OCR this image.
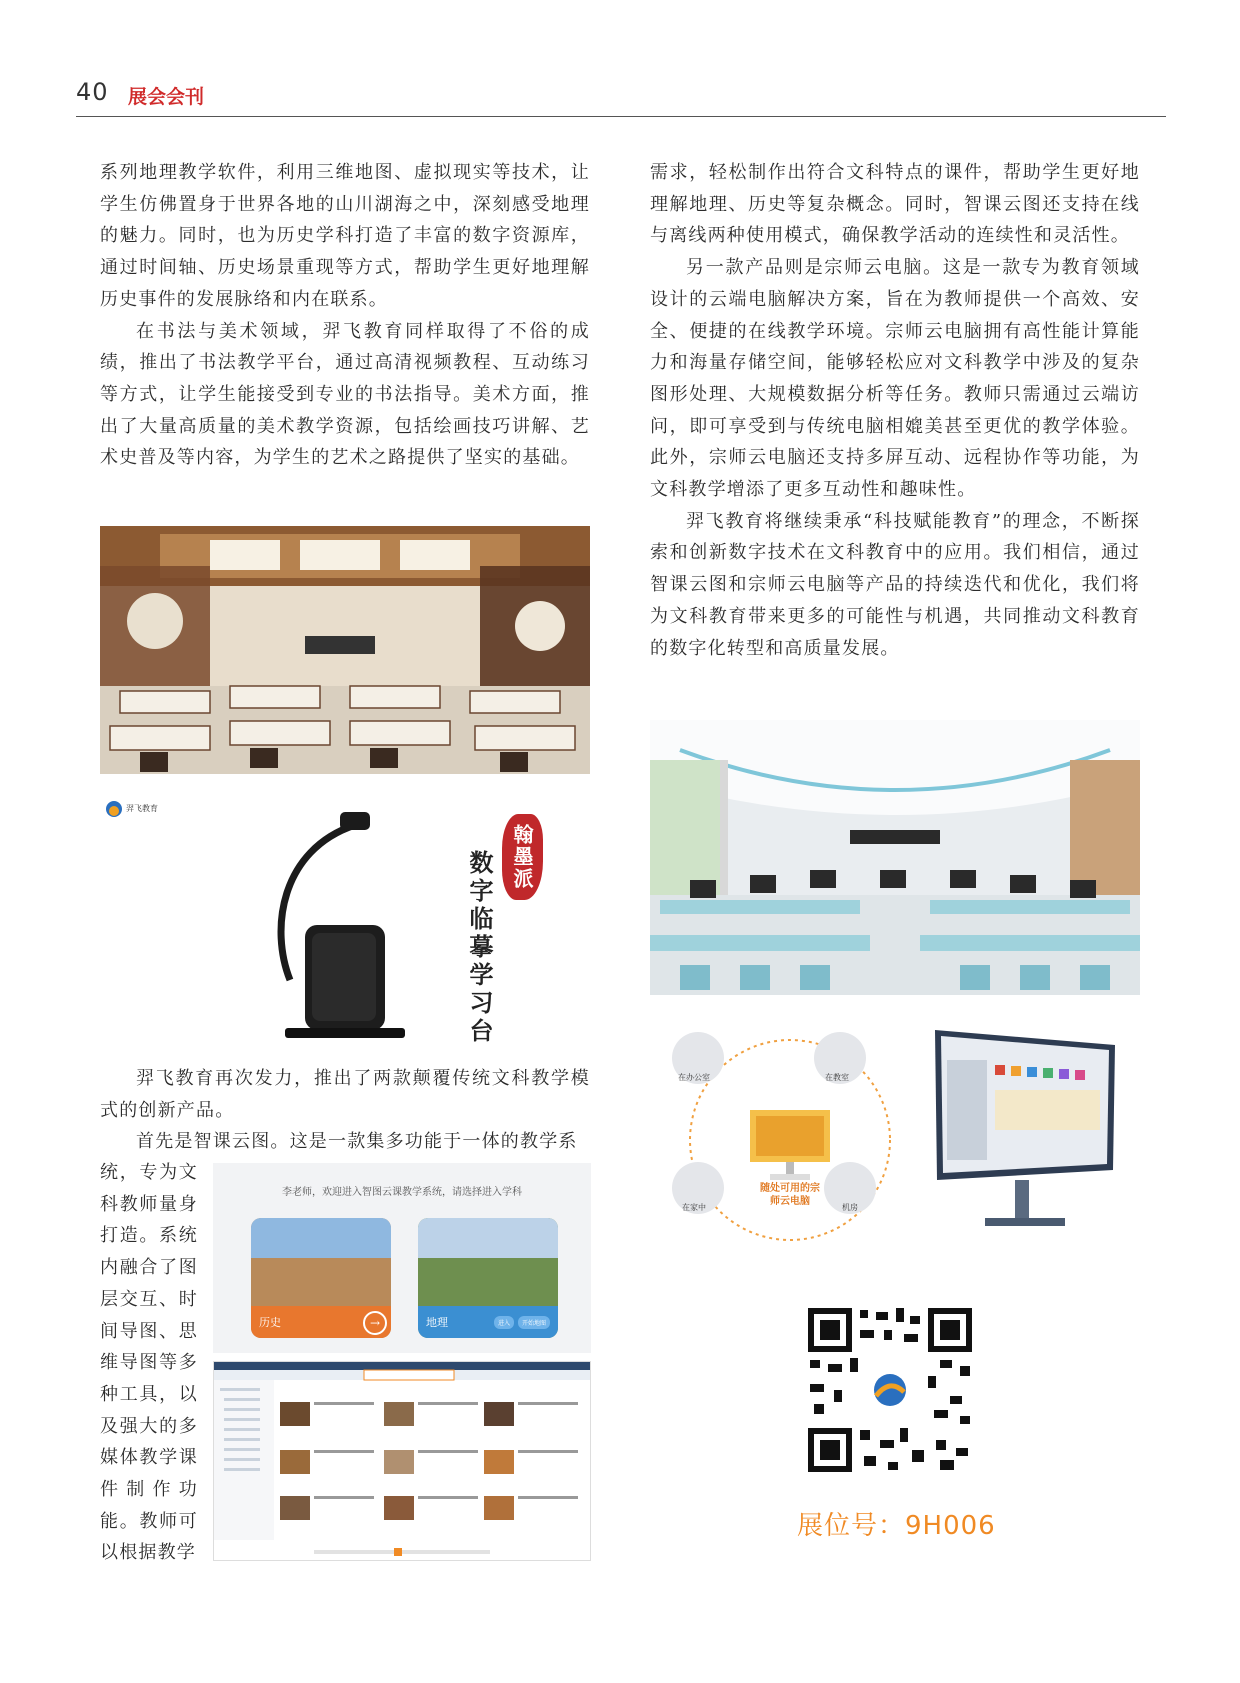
40 展会会刊

系列地理教学软件，利用三维地图、虚拟现实等技术，让学生仿佛置身于世界各地的山川湖海之中，深刻感受地理的魅力。同时，也为历史学科打造了丰富的数字资源库，通过时间轴、历史场景重现等方式，帮助学生更好地理解历史事件的发展脉络和内在联系。

在书法与美术领域，羿飞教育同样取得了不俗的成绩，推出了书法教学平台，通过高清视频教程、互动练习等方式，让学生能接受到专业的书法指导。美术方面，推出了大量高质量的美术教学资源，包括绘画技巧讲解、艺术史普及等内容，为学生的艺术之路提供了坚实的基础。

羿飞教育
翰墨派
数字临摹学习台

羿飞教育再次发力，推出了两款颠覆传统文科教学模式的创新产品。

首先是智课云图。这是一款集多功能于一体的教学系

统，专为文科教师量身打造。系统内融合了图层交互、时间导图、思维导图等多种工具，以及强大的多媒体教学课件制作功能。教师可以根据教学
李老师，欢迎进入智图云课教学系统，请选择进入学科
历史	→	地理	进入	开始地图

需求，轻松制作出符合文科特点的课件，帮助学生更好地理解地理、历史等复杂概念。同时，智课云图还支持在线与离线两种使用模式，确保教学活动的连续性和灵活性。

另一款产品则是宗师云电脑。这是一款专为教育领域设计的云端电脑解决方案，旨在为教师提供一个高效、安全、便捷的在线教学环境。宗师云电脑拥有高性能计算能力和海量存储空间，能够轻松应对文科教学中涉及的复杂图形处理、大规模数据分析等任务。教师只需通过云端访问，即可享受到与传统电脑相媲美甚至更优的教学体验。此外，宗师云电脑还支持多屏互动、远程协作等功能，为文科教学增添了更多互动性和趣味性。

羿飞教育将继续秉承“科技赋能教育”的理念，不断探索和创新数字技术在文科教育中的应用。我们相信，通过智课云图和宗师云电脑等产品的持续迭代和优化，我们将为文科教育带来更多的可能性与机遇，共同推动文科教育的数字化转型和高质量发展。

在办公室	在教室
在家中	机房
随处可用的宗师云电脑
展位号：9H006
